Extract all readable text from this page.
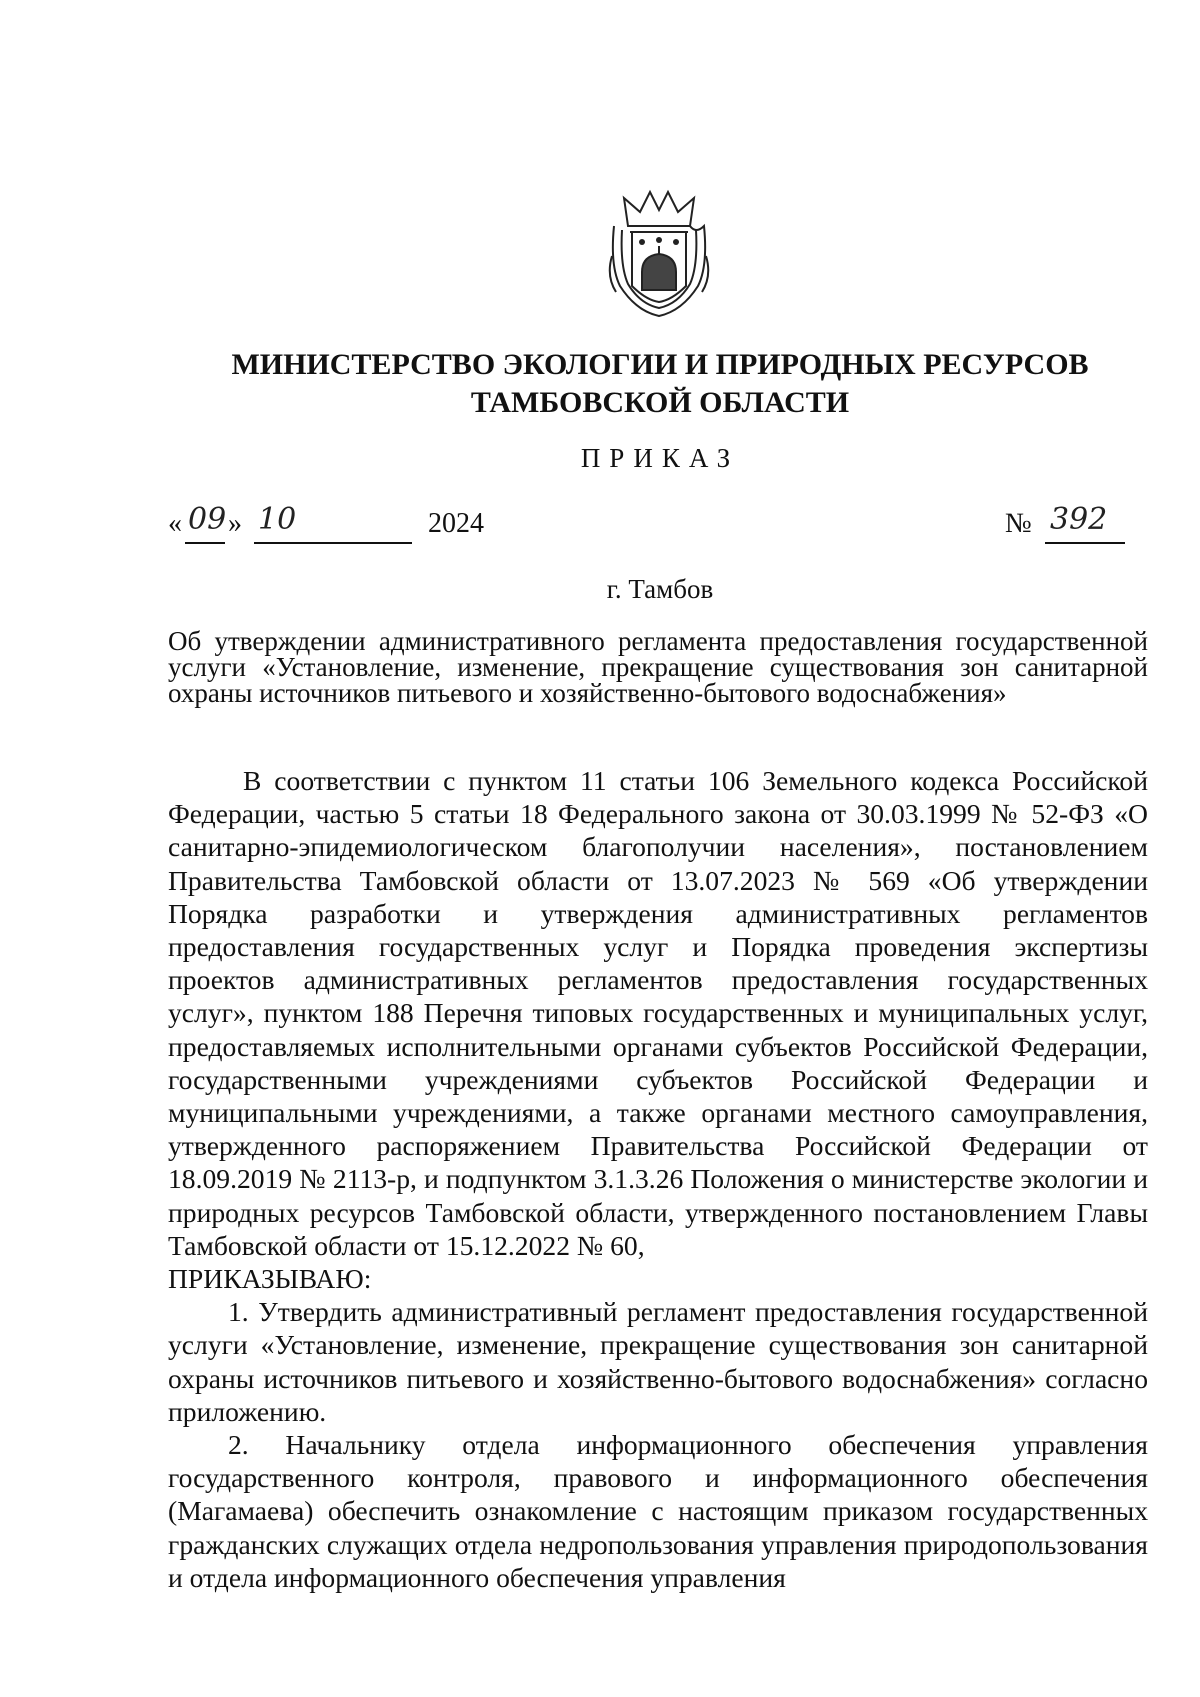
МИНИСТЕРСТВО ЭКОЛОГИИ И ПРИРОДНЫХ РЕСУРСОВ
ТАМБОВСКОЙ ОБЛАСТИ
ПРИКАЗ
« 09 » 10	2024	№ 392
г. Тамбов
Об утверждении административного регламента предоставления государственной услуги «Установление, изменение, прекращение существования зон санитарной охраны источников питьевого и хозяйственно-бытового водоснабжения»

В соответствии с пунктом 11 статьи 106 Земельного кодекса Российской Федерации, частью 5 статьи 18 Федерального закона от 30.03.1999 № 52-ФЗ «О санитарно-эпидемиологическом благополучии населения», постановлением Правительства Тамбовской области от 13.07.2023 № 569 «Об утверждении Порядка разработки и утверждения административных регламентов предоставления государственных услуг и Порядка проведения экспертизы проектов административных регламентов предоставления государственных услуг», пунктом 188 Перечня типовых государственных и муниципальных услуг, предоставляемых исполнительными органами субъектов Российской Федерации, государственными учреждениями субъектов Российской Федерации и муниципальными учреждениями, а также органами местного самоуправления, утвержденного распоряжением Правительства Российской Федерации от 18.09.2019 № 2113-р, и подпунктом 3.1.3.26 Положения о министерстве экологии и природных ресурсов Тамбовской области, утвержденного постановлением Главы Тамбовской области от 15.12.2022 № 60,

ПРИКАЗЫВАЮ:

1. Утвердить административный регламент предоставления государственной услуги «Установление, изменение, прекращение существования зон санитарной охраны источников питьевого и хозяйственно-бытового водоснабжения» согласно приложению.

2. Начальнику отдела информационного обеспечения управления государственного контроля, правового и информационного обеспечения (Магамаева) обеспечить ознакомление с настоящим приказом государственных гражданских служащих отдела недропользования управления природопользования и отдела информационного обеспечения управления
